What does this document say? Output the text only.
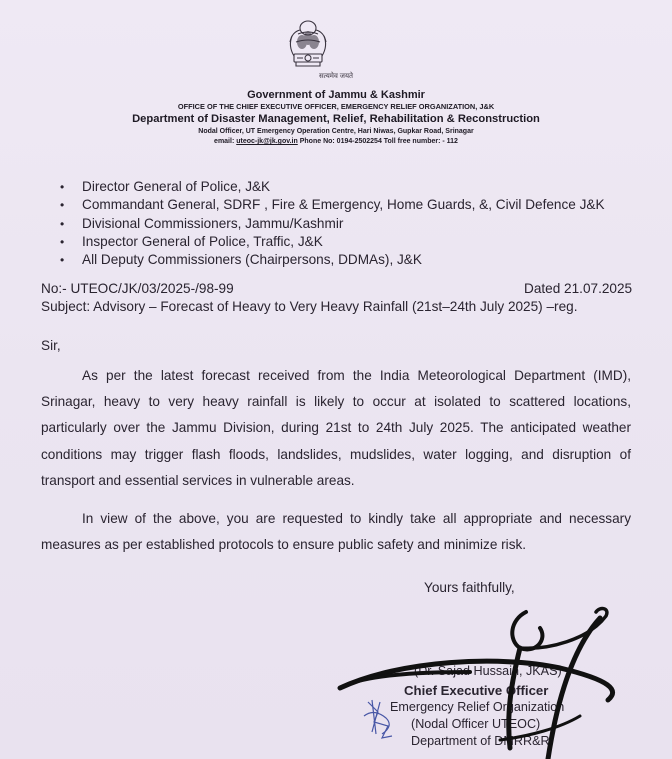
सत्यमेव जयते
Government of Jammu & Kashmir
OFFICE OF THE CHIEF EXECUTIVE OFFICER, EMERGENCY RELIEF ORGANIZATION, J&K
Department of Disaster Management, Relief, Rehabilitation & Reconstruction
Nodal Officer, UT Emergency Operation Centre, Hari Niwas, Gupkar Road, Srinagar
email: uteoc-jk@jk.gov.in Phone No: 0194-2502254 Toll free number: - 112
• Director General of Police, J&K
• Commandant General, SDRF , Fire & Emergency, Home Guards, &, Civil Defence J&K
• Divisional Commissioners, Jammu/Kashmir
• Inspector General of Police, Traffic, J&K
• All Deputy Commissioners (Chairpersons, DDMAs), J&K
No:- UTEOC/JK/03/2025-/98-99	Dated 21.07.2025
Subject: Advisory – Forecast of Heavy to Very Heavy Rainfall (21st–24th July 2025) –reg.
Sir,
As per the latest forecast received from the India Meteorological Department (IMD),
Srinagar, heavy to very heavy rainfall is likely to occur at isolated to scattered locations,
particularly over the Jammu Division, during 21st to 24th July 2025. The anticipated weather
conditions may trigger flash floods, landslides, mudslides, water logging, and disruption of
transport and essential services in vulnerable areas.
In view of the above, you are requested to kindly take all appropriate and necessary
measures as per established protocols to ensure public safety and minimize risk.
Yours faithfully,
(Dr. Sajad Hussain, JKAS)
Chief Executive Officer
Emergency Relief Organization
(Nodal Officer UTEOC)
Department of DMRR&R
